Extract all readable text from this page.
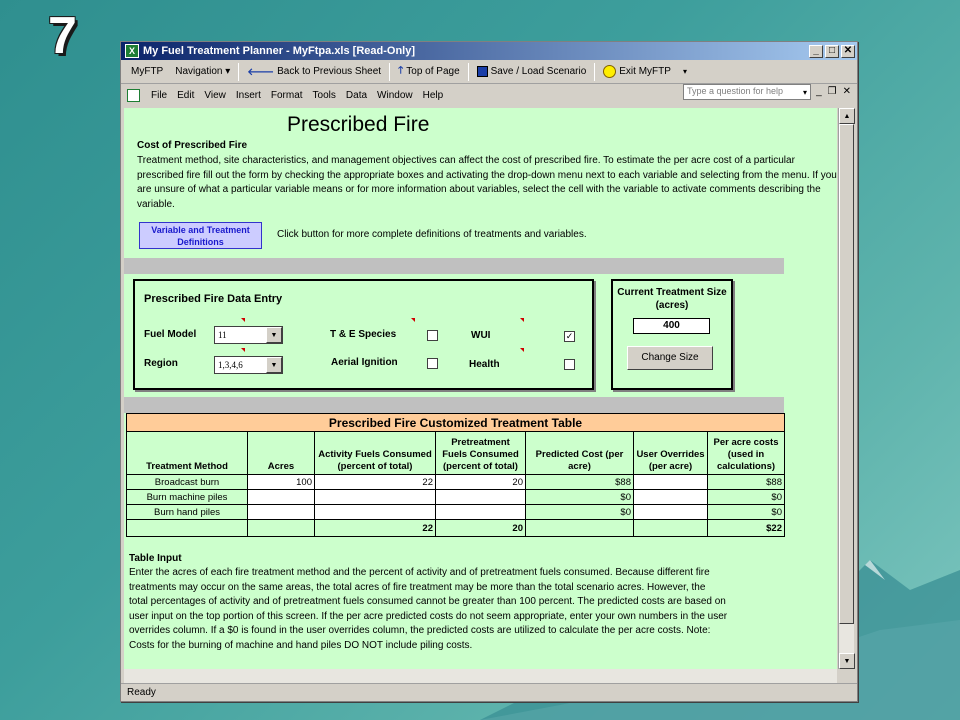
7	X My Fuel Treatment Planner - MyFtpa.xls [Read-Only]	_	□ ✕
MyFTP	Navigation ▾	🡐 Back to Previous Sheet 🡑 Top of Page	Save / Load Scenario	Exit MyFTP	▾
File	Edit	View	Insert	Format	Tools	Data	Window	Help	Type a question for help	▾ _ ❐ ✕
Prescribed Fire
Cost of Prescribed Fire
Treatment method, site characteristics, and management objectives can affect the cost of prescribed fire. To estimate the per acre cost of a particular prescribed fire fill out the form by checking the appropriate boxes and activating the drop-down menu next to each variable and selecting from the menu. If you are unsure of what a particular variable means or for more information about variables, select the cell with the variable to activate comments describing the variable.
Variable and Treatment Definitions
Click button for more complete definitions of treatments and variables.
Prescribed Fire Data Entry
Fuel Model	11	▼
Region	1,3,4,6	▼
T & E Species
Aerial Ignition
WUI	✓
Health
Current Treatment Size (acres)
400
Change Size
Prescribed Fire Customized Treatment Table						
Treatment Method	Acres	Activity Fuels Consumed (percent of total)	Pretreatment Fuels Consumed (percent of total)	Predicted Cost (per acre)	User Overrides (per acre)	Per acre costs (used in calculations)
Broadcast burn	100	22	20	$88		$88
Burn machine piles				$0		$0
Burn hand piles				$0		$0
		22	20			$22
Table Input
Enter the acres of each fire treatment method and the percent of activity and of pretreatment fuels consumed. Because different fire
treatments may occur on the same areas, the total acres of fire treatment may be more than the total scenario acres. However, the
total percentages of activity and of pretreatment fuels consumed cannot be greater than 100 percent. The predicted costs are based on
user input on the top portion of this screen. If the per acre predicted costs do not seem appropriate, enter your own numbers in the user
overrides column. If a $0 is found in the user overrides column, the predicted costs are utilized to calculate the per acre costs. Note:
Costs for the burning of machine and hand piles DO NOT include piling costs.
▲
▼
Ready
